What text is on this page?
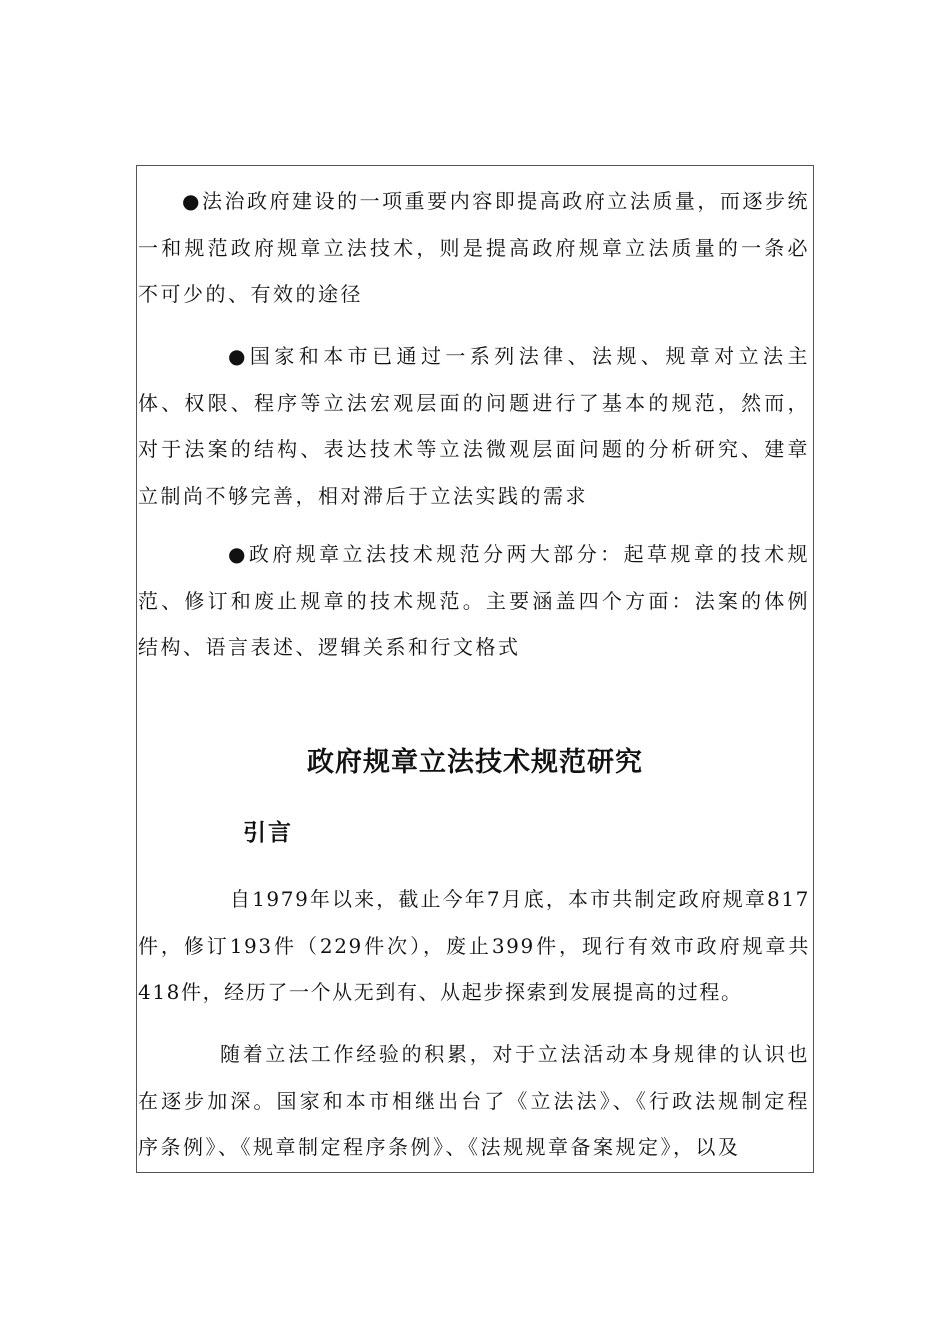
●法治政府建设的一项重要内容即提高政府立法质量，而逐步统一和规范政府规章立法技术，则是提高政府规章立法质量的一条必不可少的、有效的途径

●国家和本市已通过一系列法律、法规、规章对立法主体、权限、程序等立法宏观层面的问题进行了基本的规范，然而，对于法案的结构、表达技术等立法微观层面问题的分析研究、建章立制尚不够完善，相对滞后于立法实践的需求

●政府规章立法技术规范分两大部分：起草规章的技术规范、修订和废止规章的技术规范。主要涵盖四个方面：法案的体例结构、语言表述、逻辑关系和行文格式

政府规章立法技术规范研究
引言

自1979年以来，截止今年7月底，本市共制定政府规章817件，修订193件（229件次），废止399件，现行有效市政府规章共418件，经历了一个从无到有、从起步探索到发展提高的过程。

随着立法工作经验的积累，对于立法活动本身规律的认识也在逐步加深。国家和本市相继出台了《立法法》、《行政法规制定程序条例》、《规章制定程序条例》、《法规规章备案规定》，以及
